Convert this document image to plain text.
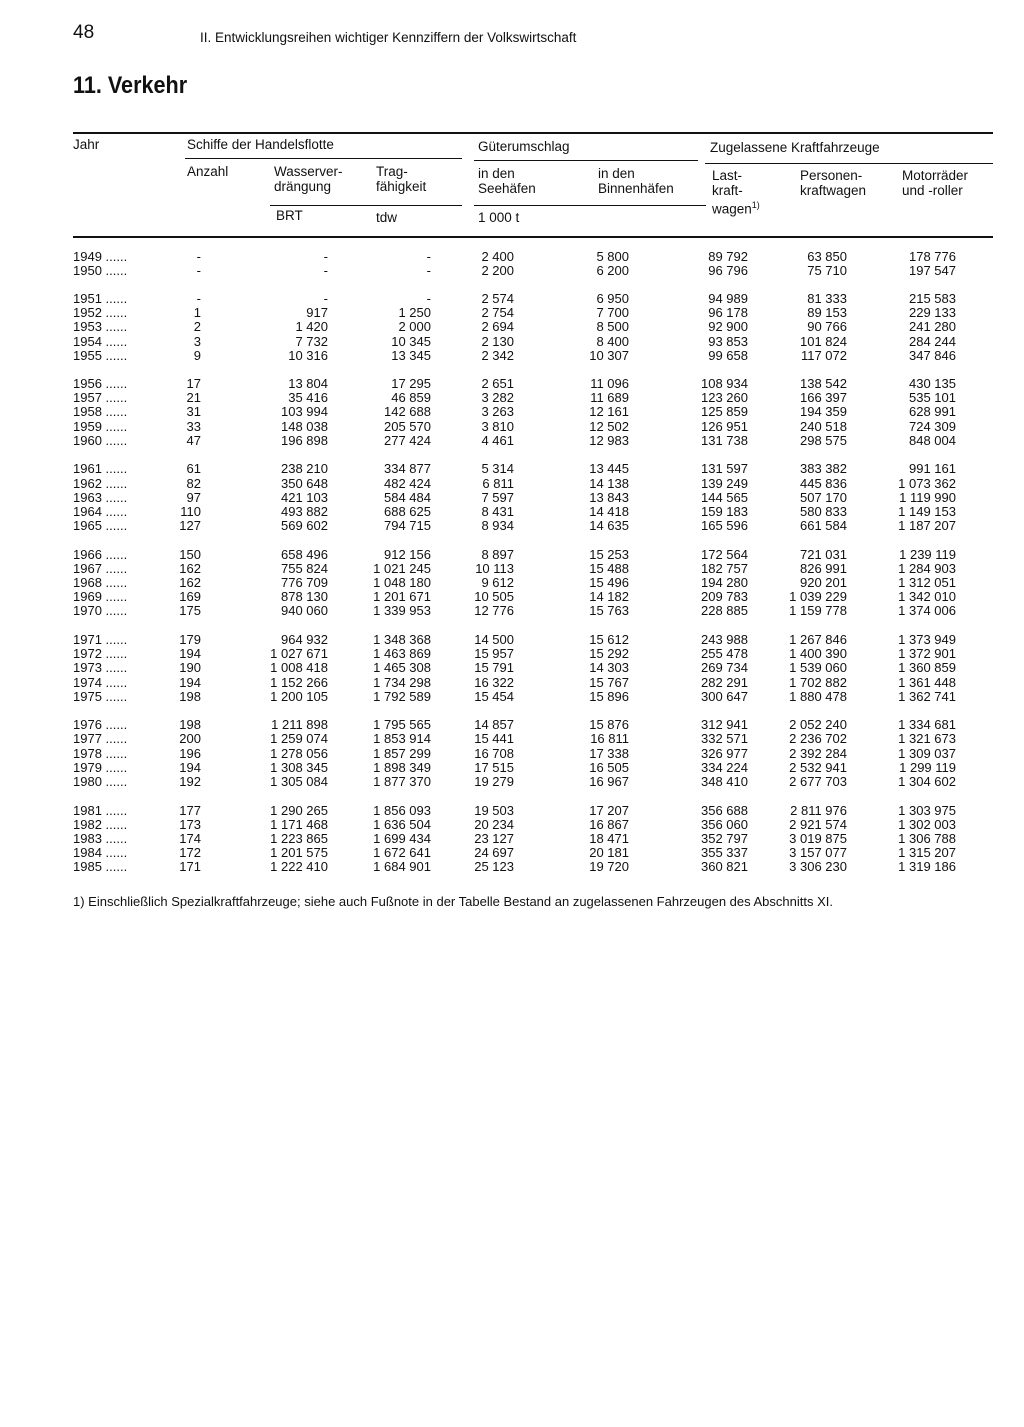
48	II. Entwicklungsreihen wichtiger Kennziffern der Volkswirtschaft
11. Verkehr
Jahr	Schiffe der Handelsflotte	Güterumschlag	Zugelassene Kraftfahrzeuge
Anzahl	Wasserver-
drängung
Trag-
fähigkeit
in den
Seehäfen
in den
Binnenhäfen
Last-
kraft-
wagen$^{1)}$
Personen-
kraftwagen
Motorräder
und -roller
BRT	tdw	1 000 t
1949 ......	-	-	-	2 400	5 800	89 792	63 850	178 776
1950 ......	-	-	-	2 200	6 200	96 796	75 710	197 547
1951 ......	-	-	-	2 574	6 950	94 989	81 333	215 583
1952 ......	1	917	1 250	2 754	7 700	96 178	89 153	229 133
1953 ......	2	1 420	2 000	2 694	8 500	92 900	90 766	241 280
1954 ......	3	7 732	10 345	2 130	8 400	93 853	101 824	284 244
1955 ......	9	10 316	13 345	2 342	10 307	99 658	117 072	347 846
1956 ......	17	13 804	17 295	2 651	11 096	108 934	138 542	430 135
1957 ......	21	35 416	46 859	3 282	11 689	123 260	166 397	535 101
1958 ......	31	103 994	142 688	3 263	12 161	125 859	194 359	628 991
1959 ......	33	148 038	205 570	3 810	12 502	126 951	240 518	724 309
1960 ......	47	196 898	277 424	4 461	12 983	131 738	298 575	848 004
1961 ......	61	238 210	334 877	5 314	13 445	131 597	383 382	991 161
1962 ......	82	350 648	482 424	6 811	14 138	139 249	445 836	1 073 362
1963 ......	97	421 103	584 484	7 597	13 843	144 565	507 170	1 119 990
1964 ......	110	493 882	688 625	8 431	14 418	159 183	580 833	1 149 153
1965 ......	127	569 602	794 715	8 934	14 635	165 596	661 584	1 187 207
1966 ......	150	658 496	912 156	8 897	15 253	172 564	721 031	1 239 119
1967 ......	162	755 824	1 021 245	10 113	15 488	182 757	826 991	1 284 903
1968 ......	162	776 709	1 048 180	9 612	15 496	194 280	920 201	1 312 051
1969 ......	169	878 130	1 201 671	10 505	14 182	209 783	1 039 229	1 342 010
1970 ......	175	940 060	1 339 953	12 776	15 763	228 885	1 159 778	1 374 006
1971 ......	179	964 932	1 348 368	14 500	15 612	243 988	1 267 846	1 373 949
1972 ......	194	1 027 671	1 463 869	15 957	15 292	255 478	1 400 390	1 372 901
1973 ......	190	1 008 418	1 465 308	15 791	14 303	269 734	1 539 060	1 360 859
1974 ......	194	1 152 266	1 734 298	16 322	15 767	282 291	1 702 882	1 361 448
1975 ......	198	1 200 105	1 792 589	15 454	15 896	300 647	1 880 478	1 362 741
1976 ......	198	1 211 898	1 795 565	14 857	15 876	312 941	2 052 240	1 334 681
1977 ......	200	1 259 074	1 853 914	15 441	16 811	332 571	2 236 702	1 321 673
1978 ......	196	1 278 056	1 857 299	16 708	17 338	326 977	2 392 284	1 309 037
1979 ......	194	1 308 345	1 898 349	17 515	16 505	334 224	2 532 941	1 299 119
1980 ......	192	1 305 084	1 877 370	19 279	16 967	348 410	2 677 703	1 304 602
1981 ......	177	1 290 265	1 856 093	19 503	17 207	356 688	2 811 976	1 303 975
1982 ......	173	1 171 468	1 636 504	20 234	16 867	356 060	2 921 574	1 302 003
1983 ......	174	1 223 865	1 699 434	23 127	18 471	352 797	3 019 875	1 306 788
1984 ......	172	1 201 575	1 672 641	24 697	20 181	355 337	3 157 077	1 315 207
1985 ......	171	1 222 410	1 684 901	25 123	19 720	360 821	3 306 230	1 319 186
1) Einschließlich Spezialkraftfahrzeuge; siehe auch Fußnote in der Tabelle Bestand an zugelassenen Fahrzeugen des Abschnitts XI.
